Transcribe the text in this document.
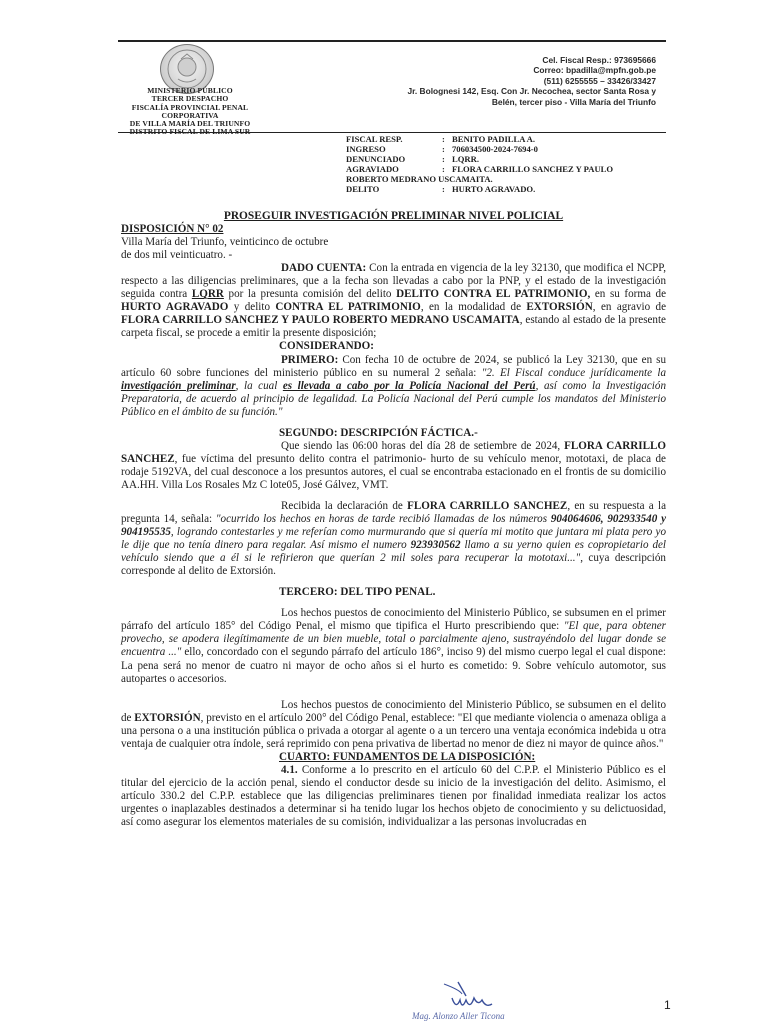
MINISTERIO PÚBLICO
TERCER DESPACHO
FISCALÍA PROVINCIAL PENAL CORPORATIVA
DE VILLA MARÍA DEL TRIUNFO
DISTRITO FISCAL DE LIMA SUR
Cel. Fiscal Resp.: 973695666
Correo: bpadilla@mpfn.gob.pe
(511) 6255555 – 33426/33427
Jr. Bolognesi 142, Esq. Con Jr. Necochea, sector Santa Rosa y
Belén, tercer piso - Villa María del Triunfo
FISCAL RESP.	:	BENITO PADILLA A.
INGRESO	:	706034500-2024-7694-0
DENUNCIADO	:	LQRR.
AGRAVIADO	:	FLORA CARRILLO SANCHEZ Y PAULO
ROBERTO MEDRANO USCAMAITA.		
DELITO	:	HURTO AGRAVADO.

PROSEGUIR INVESTIGACIÓN PRELIMINAR NIVEL POLICIAL

DISPOSICIÓN N° 02

Villa María del Triunfo, veinticinco de octubre

de dos mil veinticuatro. -

DADO CUENTA: Con la entrada en vigencia de la ley 32130, que modifica el NCPP, respecto a las diligencias preliminares, que a la fecha son llevadas a cabo por la PNP, y el estado de la investigación seguida contra LQRR por la presunta comisión del delito DELITO CONTRA EL PATRIMONIO, en su forma de HURTO AGRAVADO y delito CONTRA EL PATRIMONIO, en la modalidad de EXTORSIÓN, en agravio de FLORA CARRILLO SANCHEZ Y PAULO ROBERTO MEDRANO USCAMAITA, estando al estado de la presente carpeta fiscal, se procede a emitir la presente disposición;

CONSIDERANDO:

PRIMERO: Con fecha 10 de octubre de 2024, se publicó la Ley 32130, que en su artículo 60 sobre funciones del ministerio público en su numeral 2 señala: "2. El Fiscal conduce jurídicamente la investigación preliminar, la cual es llevada a cabo por la Policía Nacional del Perú, así como la Investigación Preparatoria, de acuerdo al principio de legalidad. La Policía Nacional del Perú cumple los mandatos del Ministerio Público en el ámbito de su función."

SEGUNDO: DESCRIPCIÓN FÁCTICA.-

Que siendo las 06:00 horas del día 28 de setiembre de 2024, FLORA CARRILLO SANCHEZ, fue víctima del presunto delito contra el patrimonio- hurto de su vehículo menor, mototaxi, de placa de rodaje 5192VA, del cual desconoce a los presuntos autores, el cual se encontraba estacionado en el frontis de su domicilio AA.HH. Villa Los Rosales Mz C lote05, José Gálvez, VMT.

Recibida la declaración de FLORA CARRILLO SANCHEZ, en su respuesta a la pregunta 14, señala: "ocurrido los hechos en horas de tarde recibió llamadas de los números 904064606, 902933540 y 904195535, logrando contestarles y me referían como murmurando que si quería mi motito que juntara mi plata pero yo le dije que no tenía dinero para regalar. Así mismo el numero 923930562 llamo a su yerno quien es copropietario del vehículo siendo que a él si le refirieron que querían 2 mil soles para recuperar la mototaxi...", cuya descripción corresponde al delito de Extorsión.

TERCERO: DEL TIPO PENAL.

Los hechos puestos de conocimiento del Ministerio Público, se subsumen en el primer párrafo del artículo 185° del Código Penal, el mismo que tipifica el Hurto prescribiendo que: "El que, para obtener provecho, se apodera ilegítimamente de un bien mueble, total o parcialmente ajeno, sustrayéndolo del lugar donde se encuentra ..." ello, concordado con el segundo párrafo del artículo 186°, inciso 9) del mismo cuerpo legal el cual dispone: La pena será no menor de cuatro ni mayor de ocho años si el hurto es cometido: 9. Sobre vehículo automotor, sus autopartes o accesorios.

Los hechos puestos de conocimiento del Ministerio Público, se subsumen en el delito de EXTORSIÓN, previsto en el artículo 200° del Código Penal, establece: "El que mediante violencia o amenaza obliga a una persona o a una institución pública o privada a otorgar al agente o a un tercero una ventaja económica indebida u otra ventaja de cualquier otra índole, será reprimido con pena privativa de libertad no menor de diez ni mayor de quince años."

CUARTO: FUNDAMENTOS DE LA DISPOSICIÓN:

4.1. Conforme a lo prescrito en el artículo 60 del C.P.P. el Ministerio Público es el titular del ejercicio de la acción penal, siendo el conductor desde su inicio de la investigación del delito. Asimismo, el artículo 330.2 del C.P.P. establece que las diligencias preliminares tienen por finalidad inmediata realizar los actos urgentes o inaplazables destinados a determinar si ha tenido lugar los hechos objeto de conocimiento y su delictuosidad, así como asegurar los elementos materiales de su comisión, individualizar a las personas involucradas en

Mag. Alonzo Aller Ticona
1
